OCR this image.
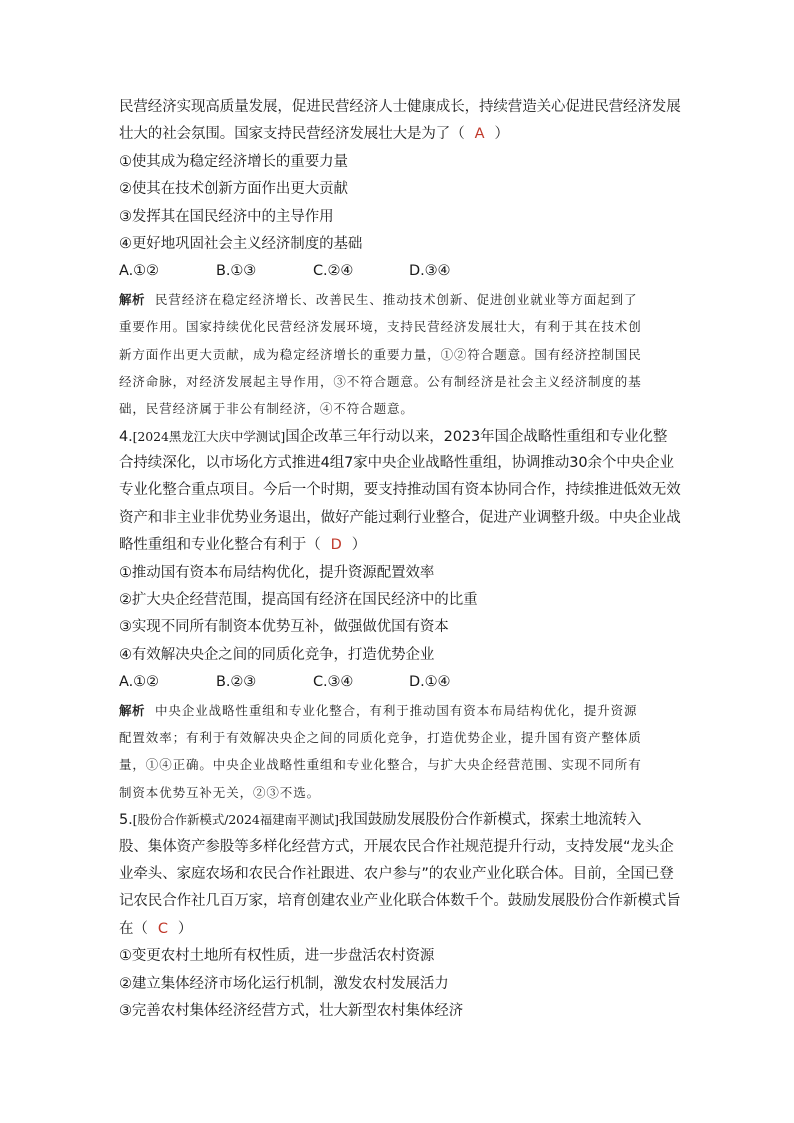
民营经济实现高质量发展，促进民营经济人士健康成长，持续营造关心促进民营经济发展
壮大的社会氛围。国家支持民营经济发展壮大是为了（ A ）
①使其成为稳定经济增长的重要力量
②使其在技术创新方面作出更大贡献
③发挥其在国民经济中的主导作用
④更好地巩固社会主义经济制度的基础
A.①②	B.①③	C.②④	D.③④
解析 民营经济在稳定经济增长、改善民生、推动技术创新、促进创业就业等方面起到了
重要作用。国家持续优化民营经济发展环境，支持民营经济发展壮大，有利于其在技术创
新方面作出更大贡献，成为稳定经济增长的重要力量，①②符合题意。国有经济控制国民
经济命脉，对经济发展起主导作用，③不符合题意。公有制经济是社会主义经济制度的基
础，民营经济属于非公有制经济，④不符合题意。
4.[2024黑龙江大庆中学测试]国企改革三年行动以来，2023年国企战略性重组和专业化整
合持续深化，以市场化方式推进4组7家中央企业战略性重组，协调推动30余个中央企业
专业化整合重点项目。今后一个时期，要支持推动国有资本协同合作，持续推进低效无效
资产和非主业非优势业务退出，做好产能过剩行业整合，促进产业调整升级。中央企业战
略性重组和专业化整合有利于（ D ）
①推动国有资本布局结构优化，提升资源配置效率
②扩大央企经营范围，提高国有经济在国民经济中的比重
③实现不同所有制资本优势互补，做强做优国有资本
④有效解决央企之间的同质化竞争，打造优势企业
A.①②	B.②③	C.③④	D.①④
解析 中央企业战略性重组和专业化整合，有利于推动国有资本布局结构优化，提升资源
配置效率；有利于有效解决央企之间的同质化竞争，打造优势企业，提升国有资产整体质
量，①④正确。中央企业战略性重组和专业化整合，与扩大央企经营范围、实现不同所有
制资本优势互补无关，②③不选。
5.[股份合作新模式/2024福建南平测试]我国鼓励发展股份合作新模式，探索土地流转入
股、集体资产参股等多样化经营方式，开展农民合作社规范提升行动，支持发展“龙头企
业牵头、家庭农场和农民合作社跟进、农户参与”的农业产业化联合体。目前，全国已登
记农民合作社几百万家，培育创建农业产业化联合体数千个。鼓励发展股份合作新模式旨
在（ C ）
①变更农村土地所有权性质，进一步盘活农村资源
②建立集体经济市场化运行机制，激发农村发展活力
③完善农村集体经济经营方式，壮大新型农村集体经济
